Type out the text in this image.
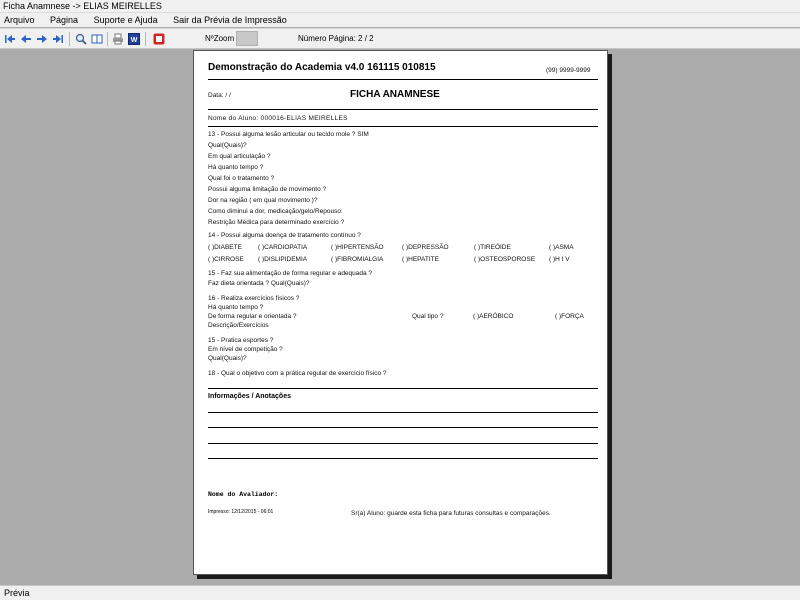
Ficha Anamnese -> ELIAS MEIRELLES
Arquivo Página Suporte e Ajuda Sair da Prévia de Impressão
W	NºZoom	Número Página: 2 / 2
Demonstração do Academia v4.0 161115 010815	(99) 9999-9999
Data: / /	FICHA ANAMNESE
Nome do Aluno: 000016-ELIAS MEIRELLES
13 - Possui alguma lesão articular ou tecido mole ? SIM
Qual(Quais)?
Em qual articulação ?
Há quanto tempo ?
Qual foi o tratamento ?
Possui alguma limitação de movimento ?
Dor na região ( em qual movimento )?
Como diminui a dor, medicação/gelo/Repouso:
Restrição Médica para determinado exercício ?
14 - Possui alguma doença de tratamento contínuo ?
( )DIABETE ( )CARDIOPATIA	( )HIPERTENSÃO	( )DEPRESSÃO	( )TIREÓIDE	( )ASMA
( )CIRROSE ( )DISLIPIDEMIA	( )FIBROMIALGIA	( )HEPATITE	( )OSTEOSPOROSE ( )H I V
15 - Faz sua alimentação de forma regular e adequada ?
Faz dieta orientada ? Qual(Quais)?
16 - Realiza exercícios físicos ?
Há quanto tempo ?
De forma regular e orientada ?	Qual tipo ?	( )AERÓBICO	( )FORÇA
Descrição/Exercícios
15 - Pratica esportes ?
Em nível de competição ?
Qual(Quais)?
18 - Qual o objetivo com a prática regular de exercício físico ?
Informações / Anotações
Nome do Avaliador:
Impresso: 12/12/2015 - 06:01	Sr(a) Aluno: guarde esta ficha para futuras consultas e comparações.
Prévia
